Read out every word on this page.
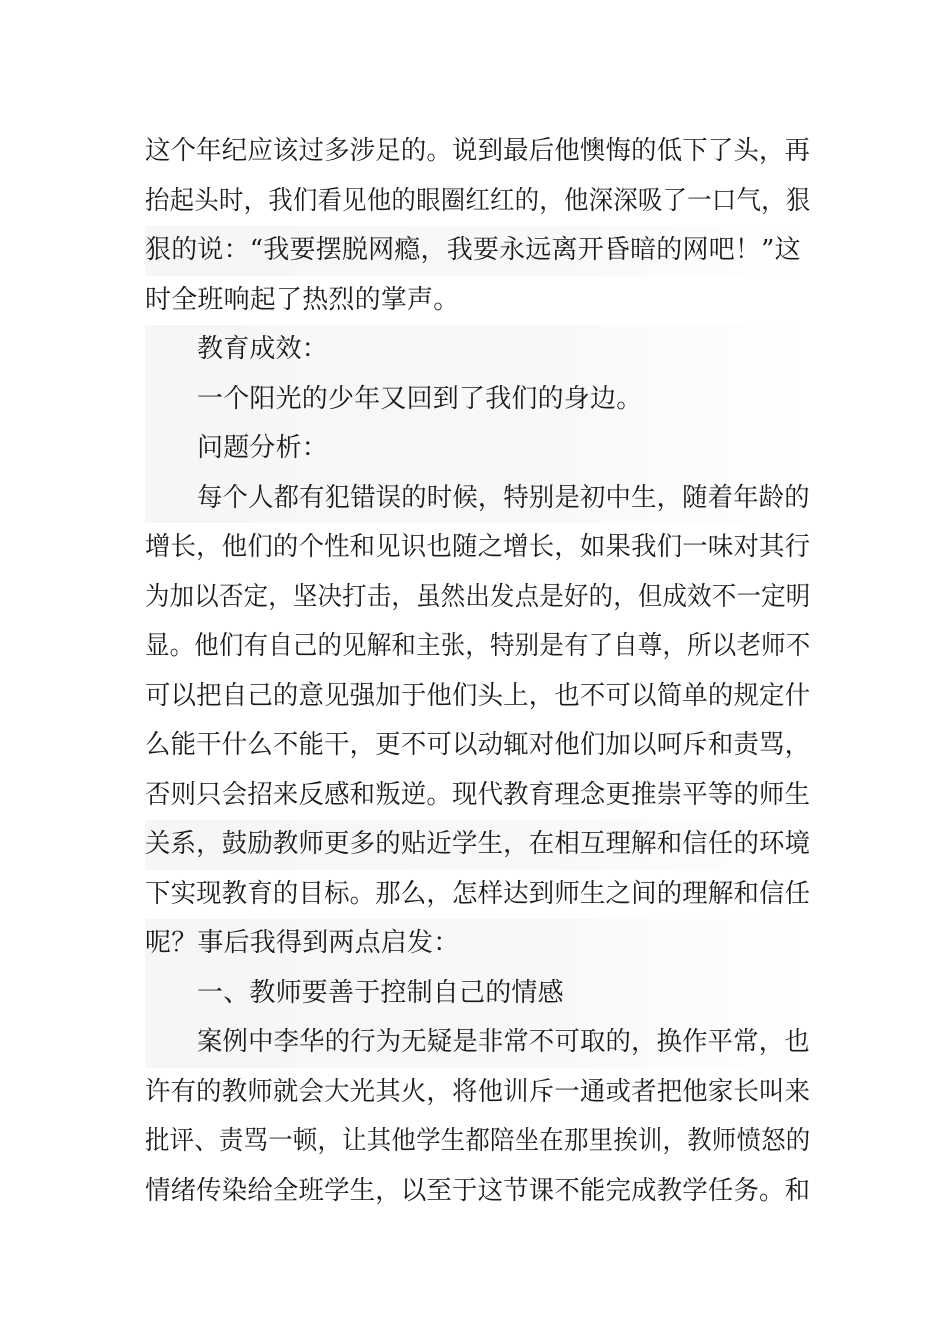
这个年纪应该过多涉足的。说到最后他懊悔的低下了头，再
抬起头时，我们看见他的眼圈红红的，他深深吸了一口气，狠
狠的说：“我要摆脱网瘾，我要永远离开昏暗的网吧！”这
时全班响起了热烈的掌声。
教育成效：
一个阳光的少年又回到了我们的身边。
问题分析：
每个人都有犯错误的时候，特别是初中生，随着年龄的
增长，他们的个性和见识也随之增长，如果我们一味对其行
为加以否定，坚决打击，虽然出发点是好的，但成效不一定明
显。他们有自己的见解和主张，特别是有了自尊，所以老师不
可以把自己的意见强加于他们头上，也不可以简单的规定什
么能干什么不能干，更不可以动辄对他们加以呵斥和责骂，
否则只会招来反感和叛逆。现代教育理念更推崇平等的师生
关系，鼓励教师更多的贴近学生，在相互理解和信任的环境
下实现教育的目标。那么，怎样达到师生之间的理解和信任
呢？事后我得到两点启发：
一、教师要善于控制自己的情感
案例中李华的行为无疑是非常不可取的，换作平常，也
许有的教师就会大光其火，将他训斥一通或者把他家长叫来
批评、责骂一顿，让其他学生都陪坐在那里挨训，教师愤怒的
情绪传染给全班学生，以至于这节课不能完成教学任务。和
